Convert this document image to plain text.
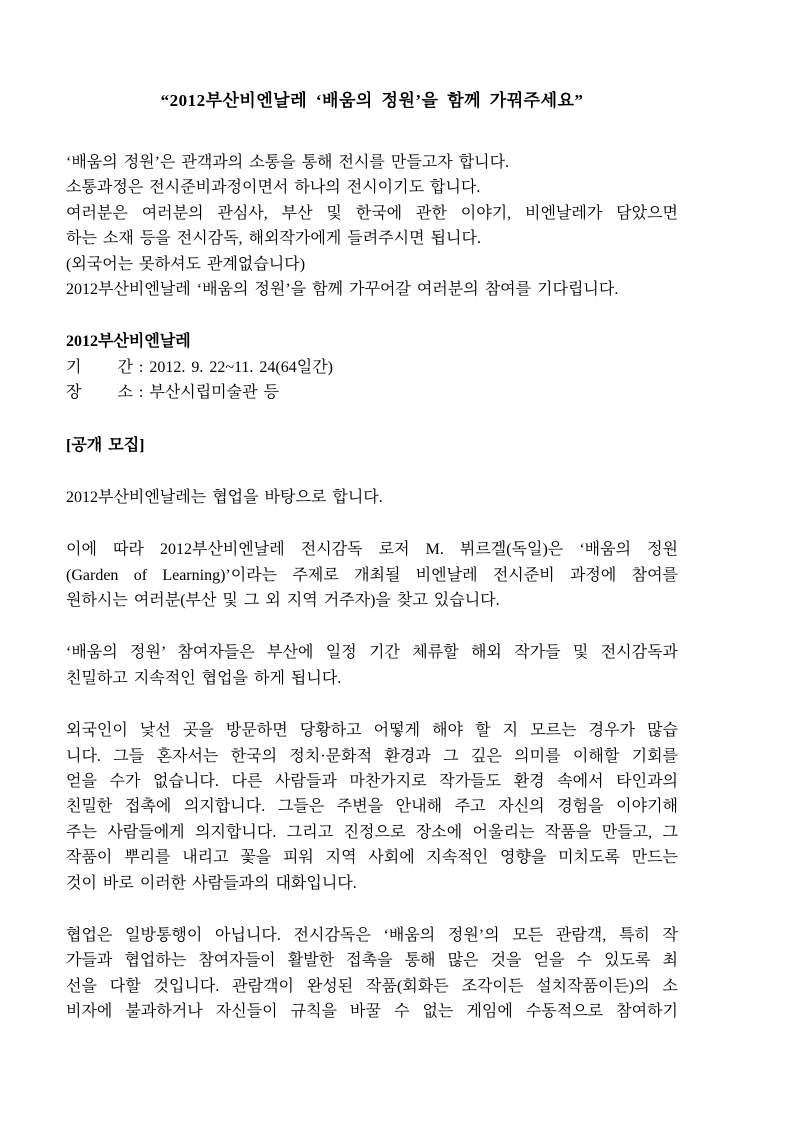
“2012부산비엔날레 ‘배움의 정원’을 함께 가꿔주세요”
‘배움의 정원’은 관객과의 소통을 통해 전시를 만들고자 합니다.
소통과정은 전시준비과정이면서 하나의 전시이기도 합니다.
여러분은 여러분의 관심사, 부산 및 한국에 관한 이야기, 비엔날레가 담았으면
하는 소재 등을 전시감독, 해외작가에게 들려주시면 됩니다.
(외국어는 못하셔도 관계없습니다)
2012부산비엔날레 ‘배움의 정원’을 함께 가꾸어갈 여러분의 참여를 기다립니다.
2012부산비엔날레
기      간 : 2012. 9. 22~11. 24(64일간)
장      소 : 부산시립미술관 등
[공개 모집]
2012부산비엔날레는 협업을 바탕으로 합니다.
이에 따라 2012부산비엔날레 전시감독 로저 M. 뷔르겔(독일)은 ‘배움의 정원
(Garden of Learning)’이라는 주제로 개최될 비엔날레 전시준비 과정에 참여를
원하시는 여러분(부산 및 그 외 지역 거주자)을 찾고 있습니다.
‘배움의 정원’ 참여자들은 부산에 일정 기간 체류할 해외 작가들 및 전시감독과
친밀하고 지속적인 협업을 하게 됩니다.
외국인이 낯선 곳을 방문하면 당황하고 어떻게 해야 할 지 모르는 경우가 많습
니다. 그들 혼자서는 한국의 정치·문화적 환경과 그 깊은 의미를 이해할 기회를
얻을 수가 없습니다. 다른 사람들과 마찬가지로 작가들도 환경 속에서 타인과의
친밀한 접촉에 의지합니다. 그들은 주변을 안내해 주고 자신의 경험을 이야기해
주는 사람들에게 의지합니다. 그리고 진정으로 장소에 어울리는 작품을 만들고, 그
작품이 뿌리를 내리고 꽃을 피워 지역 사회에 지속적인 영향을 미치도록 만드는
것이 바로 이러한 사람들과의 대화입니다.
협업은 일방통행이 아닙니다. 전시감독은 ‘배움의 정원’의 모든 관람객, 특히 작
가들과 협업하는 참여자들이 활발한 접촉을 통해 많은 것을 얻을 수 있도록 최
선을 다할 것입니다. 관람객이 완성된 작품(회화든 조각이든 설치작품이든)의 소
비자에 불과하거나 자신들이 규칙을 바꿀 수 없는 게임에 수동적으로 참여하기
